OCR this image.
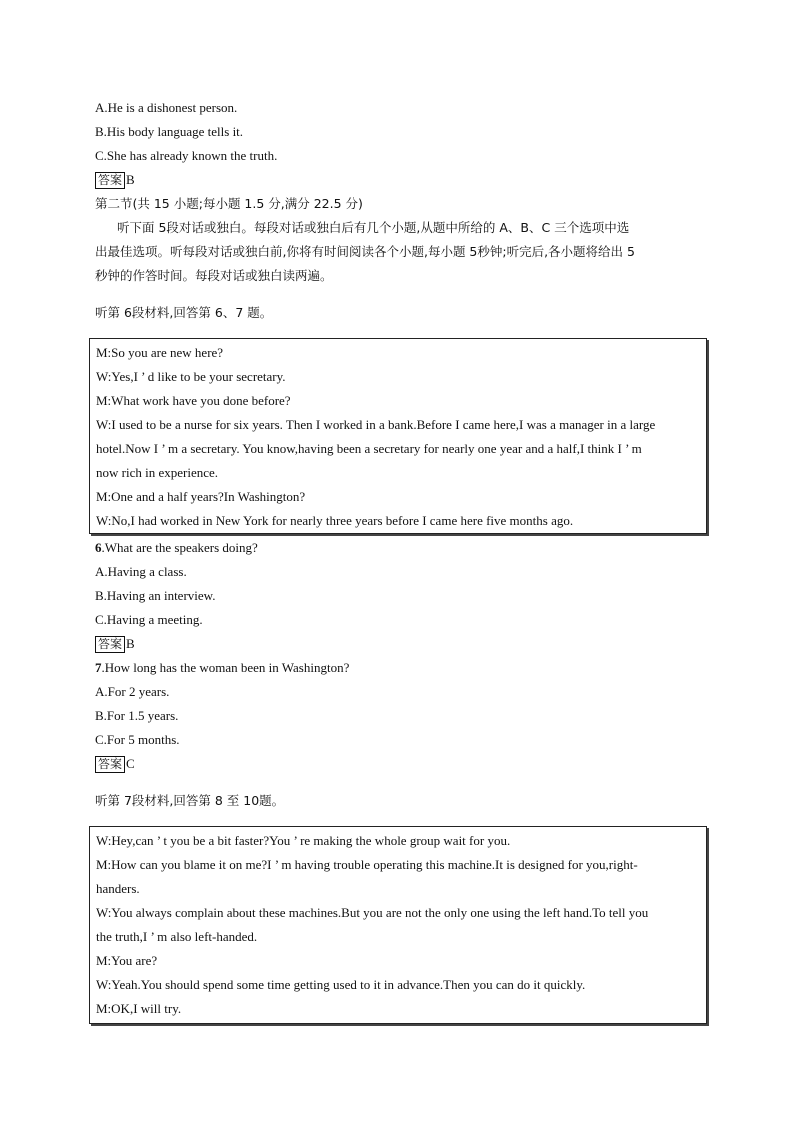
A.He is a dishonest person.
B.His body language tells it.
C.She has already known the truth.
答案 B
第二节(共 15 小题;每小题 1.5 分,满分 22.5 分)
听下面 5段对话或独白。每段对话或独白后有几个小题,从题中所给的 A、B、C 三个选项中选
出最佳选项。听每段对话或独白前,你将有时间阅读各个小题,每小题 5秒钟;听完后,各小题将给出 5
秒钟的作答时间。每段对话或独白读两遍。
听第 6段材料,回答第 6、7 题。
M:So you are new here?
W:Yes,I ’ d like to be your secretary.
M:What work have you done before?
W:I used to be a nurse for six years. Then I worked in a bank.Before I came here,I was a manager in a large
hotel.Now I ’ m a secretary. You know,having been a secretary for nearly one year and a half,I think I ’ m
now rich in experience.
M:One and a half years?In Washington?
W:No,I had worked in New York for nearly three years before I came here five months ago.
6.What are the speakers doing?
A.Having a class.
B.Having an interview.
C.Having a meeting.
答案 B
7.How long has the woman been in Washington?
A.For 2 years.
B.For 1.5 years.
C.For 5 months.
答案 C
听第 7段材料,回答第 8 至 10题。
W:Hey,can ’ t you be a bit faster?You ’ re making the whole group wait for you.
M:How can you blame it on me?I ’ m having trouble operating this machine.It is designed for you,right-
handers.
W:You always complain about these machines.But you are not the only one using the left hand.To tell you
the truth,I ’ m also left-handed.
M:You are?
W:Yeah.You should spend some time getting used to it in advance.Then you can do it quickly.
M:OK,I will try.
